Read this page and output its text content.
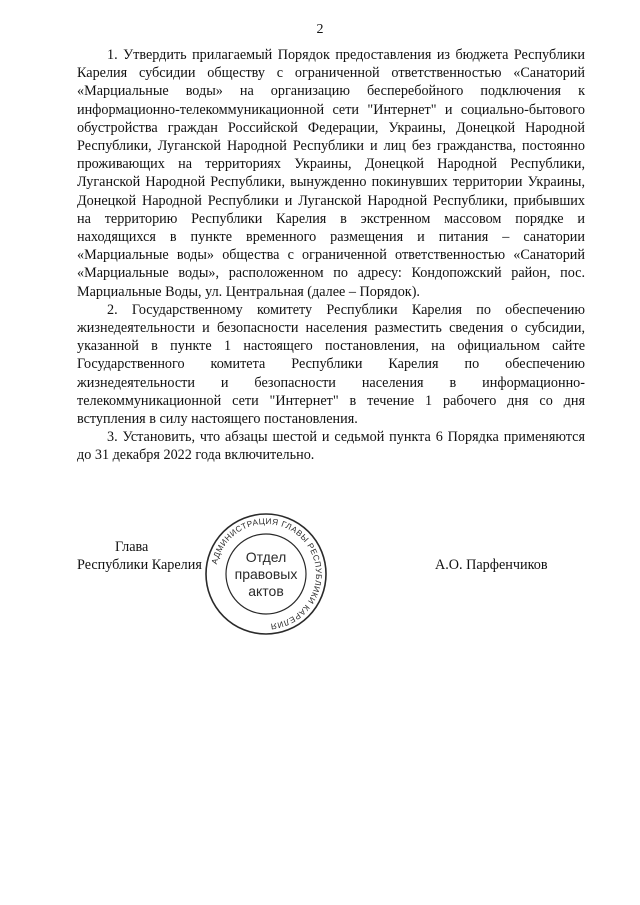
2

1. Утвердить прилагаемый Порядок предоставления из бюджета Республики Карелия субсидии обществу с ограниченной ответственностью «Санаторий «Марциальные воды» на организацию бесперебойного подключения к информационно-телекоммуникационной сети "Интернет" и социально-бытового обустройства граждан Российской Федерации, Украины, Донецкой Народной Республики, Луганской Народной Республики и лиц без гражданства, постоянно проживающих на территориях Украины, Донецкой Народной Республики, Луганской Народной Республики, вынужденно покинувших территории Украины, Донецкой Народной Республики и Луганской Народной Республики, прибывших на территорию Республики Карелия в экстренном массовом порядке и находящихся в пункте временного размещения и питания – санатории «Марциальные воды» общества с ограниченной ответственностью «Санаторий «Марциальные воды», расположенном по адресу: Кондопожский район, пос. Марциальные Воды, ул. Центральная (далее – Порядок).

2. Государственному комитету Республики Карелия по обеспечению жизнедеятельности и безопасности населения разместить сведения о субсидии, указанной в пункте 1 настоящего постановления, на официальном сайте Государственного комитета Республики Карелия по обеспечению жизнедеятельности и безопасности населения в информационно-телекоммуникационной сети "Интернет" в течение 1 рабочего дня со дня вступления в силу настоящего постановления.

3. Установить, что абзацы шестой и седьмой пункта 6 Порядка применяются до 31 декабря 2022 года включительно.

Глава
Республики Карелия	А.О. Парфенчиков
АДМИНИСТРАЦИЯ ГЛАВЫ РЕСПУБЛИКИ КАРЕЛИЯ
Отдел
правовых
актов
